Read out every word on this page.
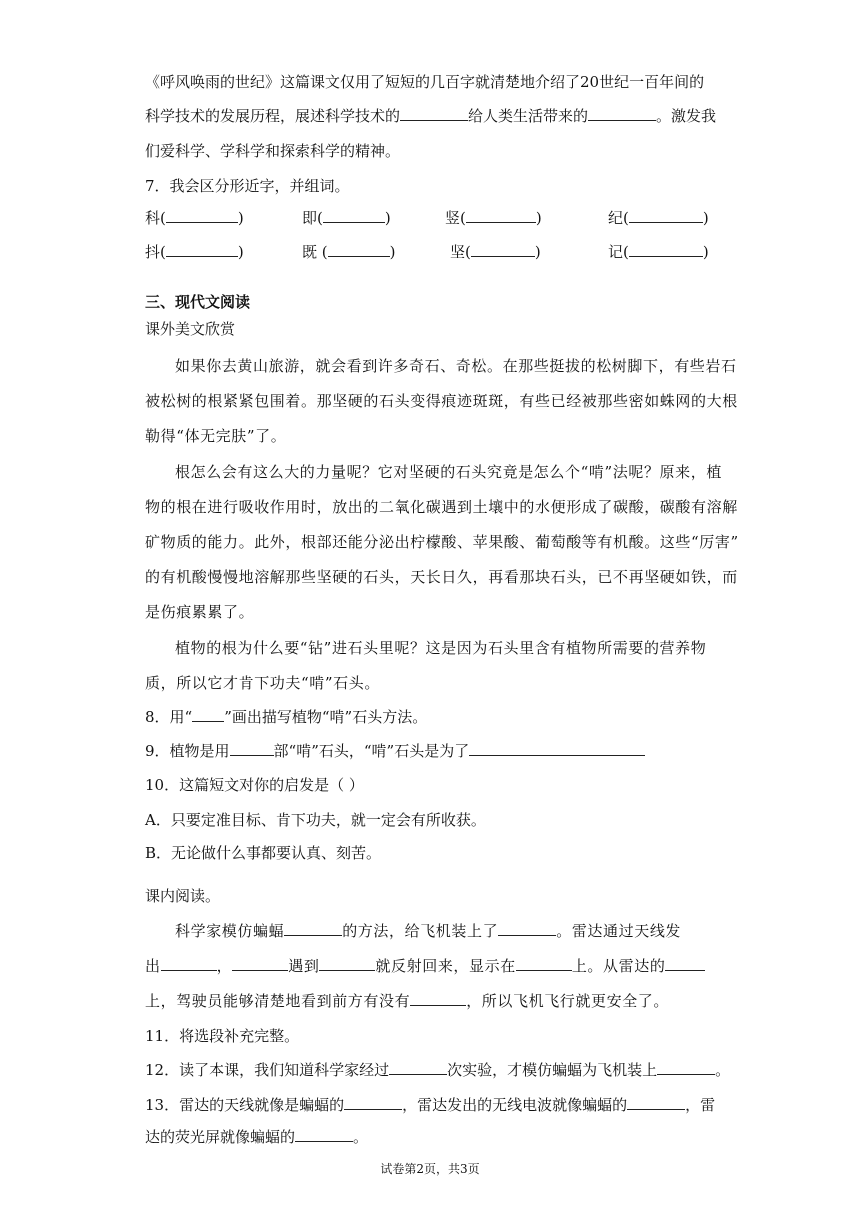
《呼风唤雨的世纪》这篇课文仅用了短短的几百字就清楚地介绍了20世纪一百年间的
科学技术的发展历程，展述科学技术的	给人类生活带来的	。激发我
们爱科学、学科学和探索科学的精神。
7．我会区分形近字，并组词。
科(	)	即(	)	竖(	)	纪(	)
抖(	)	既 (	)	坚(	)	记(	)
三、现代文阅读
课外美文欣赏
如果你去黄山旅游，就会看到许多奇石、奇松。在那些挺拔的松树脚下，有些岩石
被松树的根紧紧包围着。那坚硬的石头变得痕迹斑斑，有些已经被那些密如蛛网的大根
勒得“体无完肤”了。
根怎么会有这么大的力量呢？它对坚硬的石头究竟是怎么个“啃”法呢？原来，植
物的根在进行吸收作用时，放出的二氧化碳遇到土壤中的水便形成了碳酸，碳酸有溶解
矿物质的能力。此外，根部还能分泌出柠檬酸、苹果酸、葡萄酸等有机酸。这些“厉害”
的有机酸慢慢地溶解那些坚硬的石头，天长日久，再看那块石头，已不再坚硬如铁，而
是伤痕累累了。
植物的根为什么要“钻”进石头里呢？这是因为石头里含有植物所需要的营养物
质，所以它才肯下功夫“啃”石头。
8．用“ ”画出描写植物“啃”石头方法。
9．植物是用	部“啃”石头，“啃”石头是为了
10．这篇短文对你的启发是（ ）
A．只要定准目标、肯下功夫，就一定会有所收获。
B．无论做什么事都要认真、刻苦。
课内阅读。
科学家模仿蝙蝠	的方法，给飞机装上了	。雷达通过天线发
出	，	遇到	就反射回来，显示在	上。从雷达的
上，驾驶员能够清楚地看到前方有没有	，所以飞机飞行就更安全了。
11．将选段补充完整。
12．读了本课，我们知道科学家经过	次实验，才模仿蝙蝠为飞机装上	。
13．雷达的天线就像是蝙蝠的	，雷达发出的无线电波就像蝙蝠的	，雷
达的荧光屏就像蝙蝠的	。
试卷第2页，共3页
